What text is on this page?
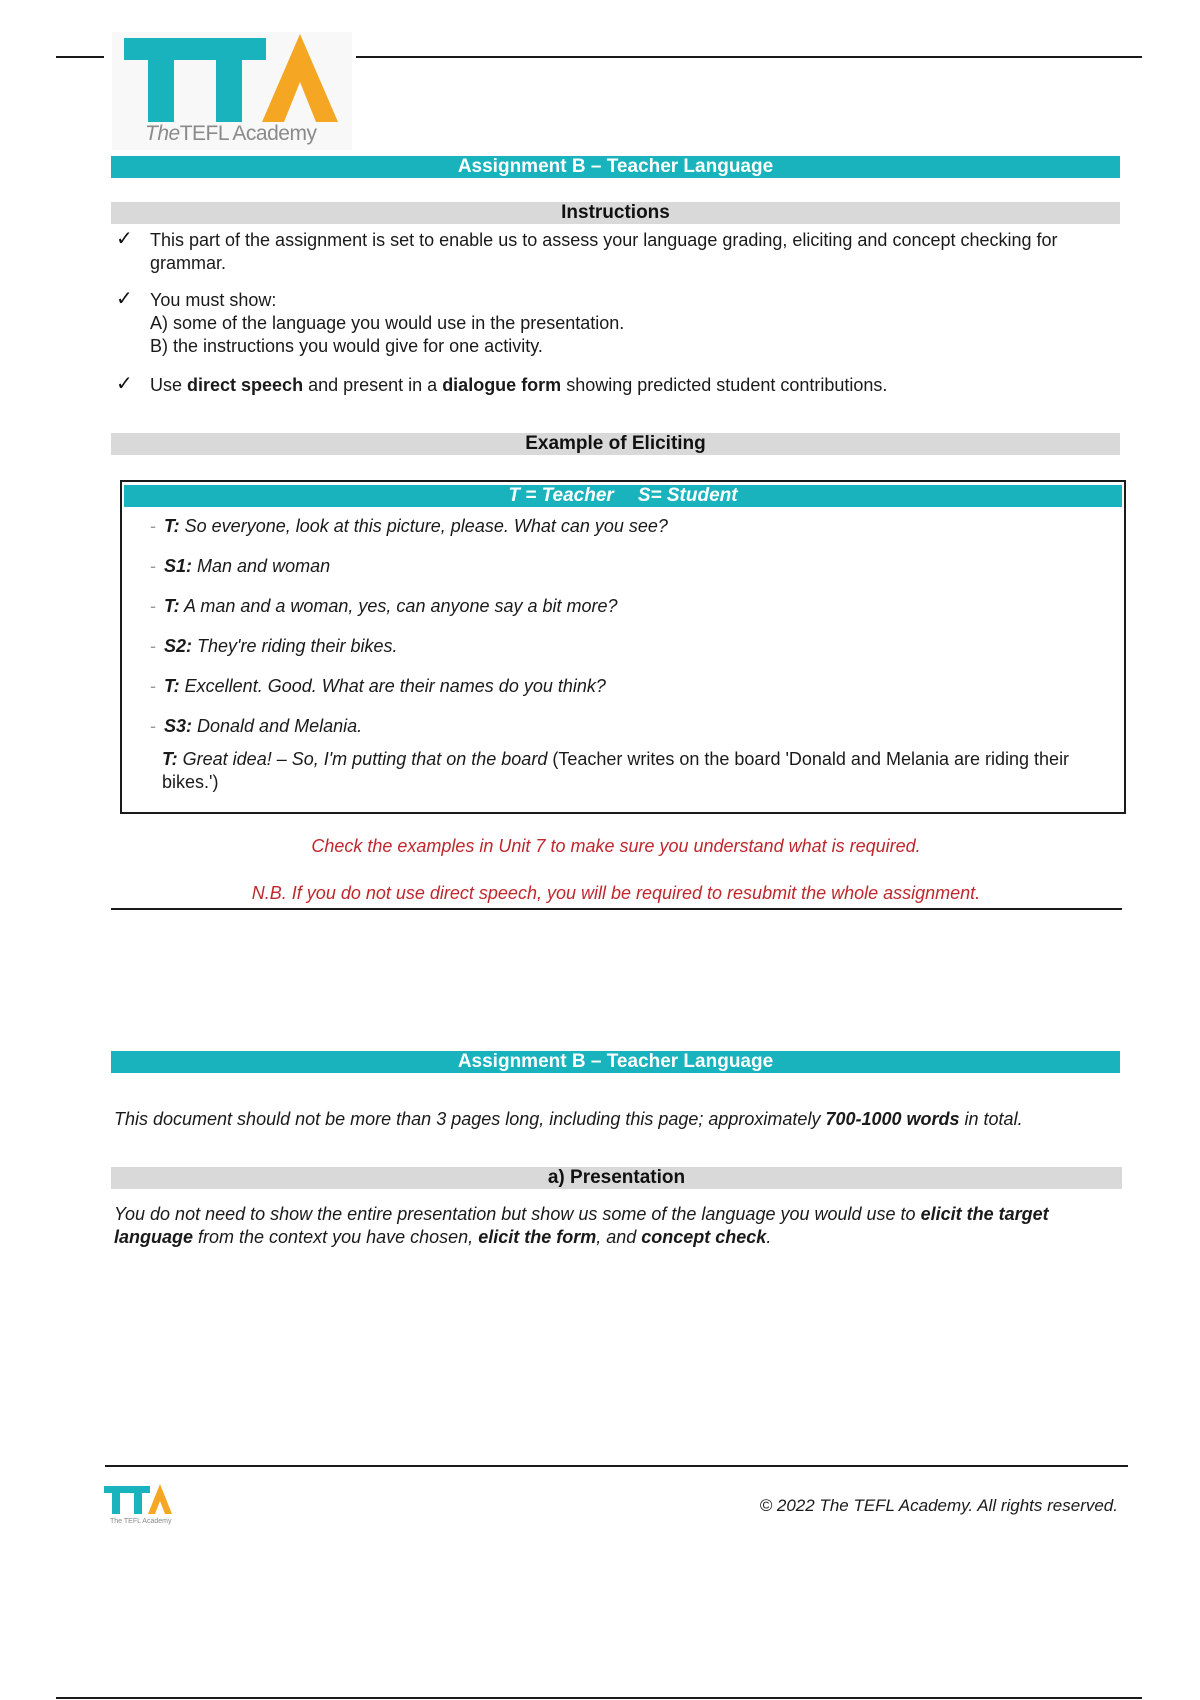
TheTEFL Academy
Assignment B – Teacher Language
Instructions
✓ This part of the assignment is set to enable us to assess your language grading, eliciting and concept checking for grammar.
✓ You must show:
A) some of the language you would use in the presentation.
B) the instructions you would give for one activity.
✓ Use direct speech and present in a dialogue form showing predicted student contributions.
Example of Eliciting
T = Teacher S= Student
- T: So everyone, look at this picture, please. What can you see?
- S1: Man and woman
- T: A man and a woman, yes, can anyone say a bit more?
- S2: They're riding their bikes.
- T: Excellent. Good. What are their names do you think?
- S3: Donald and Melania.
T: Great idea! – So, I'm putting that on the board (Teacher writes on the board 'Donald and Melania are riding their bikes.')
Check the examples in Unit 7 to make sure you understand what is required.
N.B. If you do not use direct speech, you will be required to resubmit the whole assignment.
Assignment B – Teacher Language
This document should not be more than 3 pages long, including this page; approximately 700-1000 words in total.
a) Presentation
You do not need to show the entire presentation but show us some of the language you would use to elicit the target language from the context you have chosen, elicit the form, and concept check.
The TEFL Academy
© 2022 The TEFL Academy. All rights reserved.
